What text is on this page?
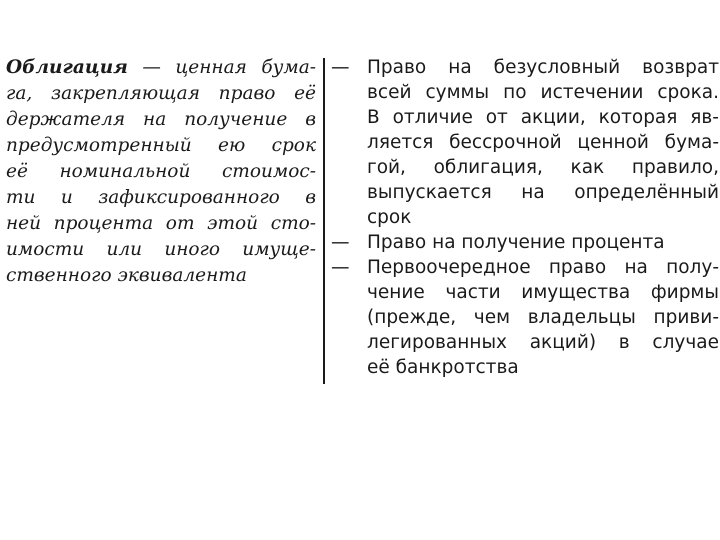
Облигация — ценная бума-
га, закрепляющая право её
держателя на получение в
предусмотренный ею срок
её номинальной стоимос-
ти и зафиксированного в
ней процента от этой сто-
имости или иного имуще-
ственного эквивалента
— Право на безусловный возврат
всей суммы по истечении срока.
В отличие от акции, которая яв-
ляется бессрочной ценной бума-
гой, облигация, как правило,
выпускается на определённый
срок
— Право на получение процента
— Первоочередное право на полу-
чение части имущества фирмы
(прежде, чем владельцы приви-
легированных акций) в случае
её банкротства
